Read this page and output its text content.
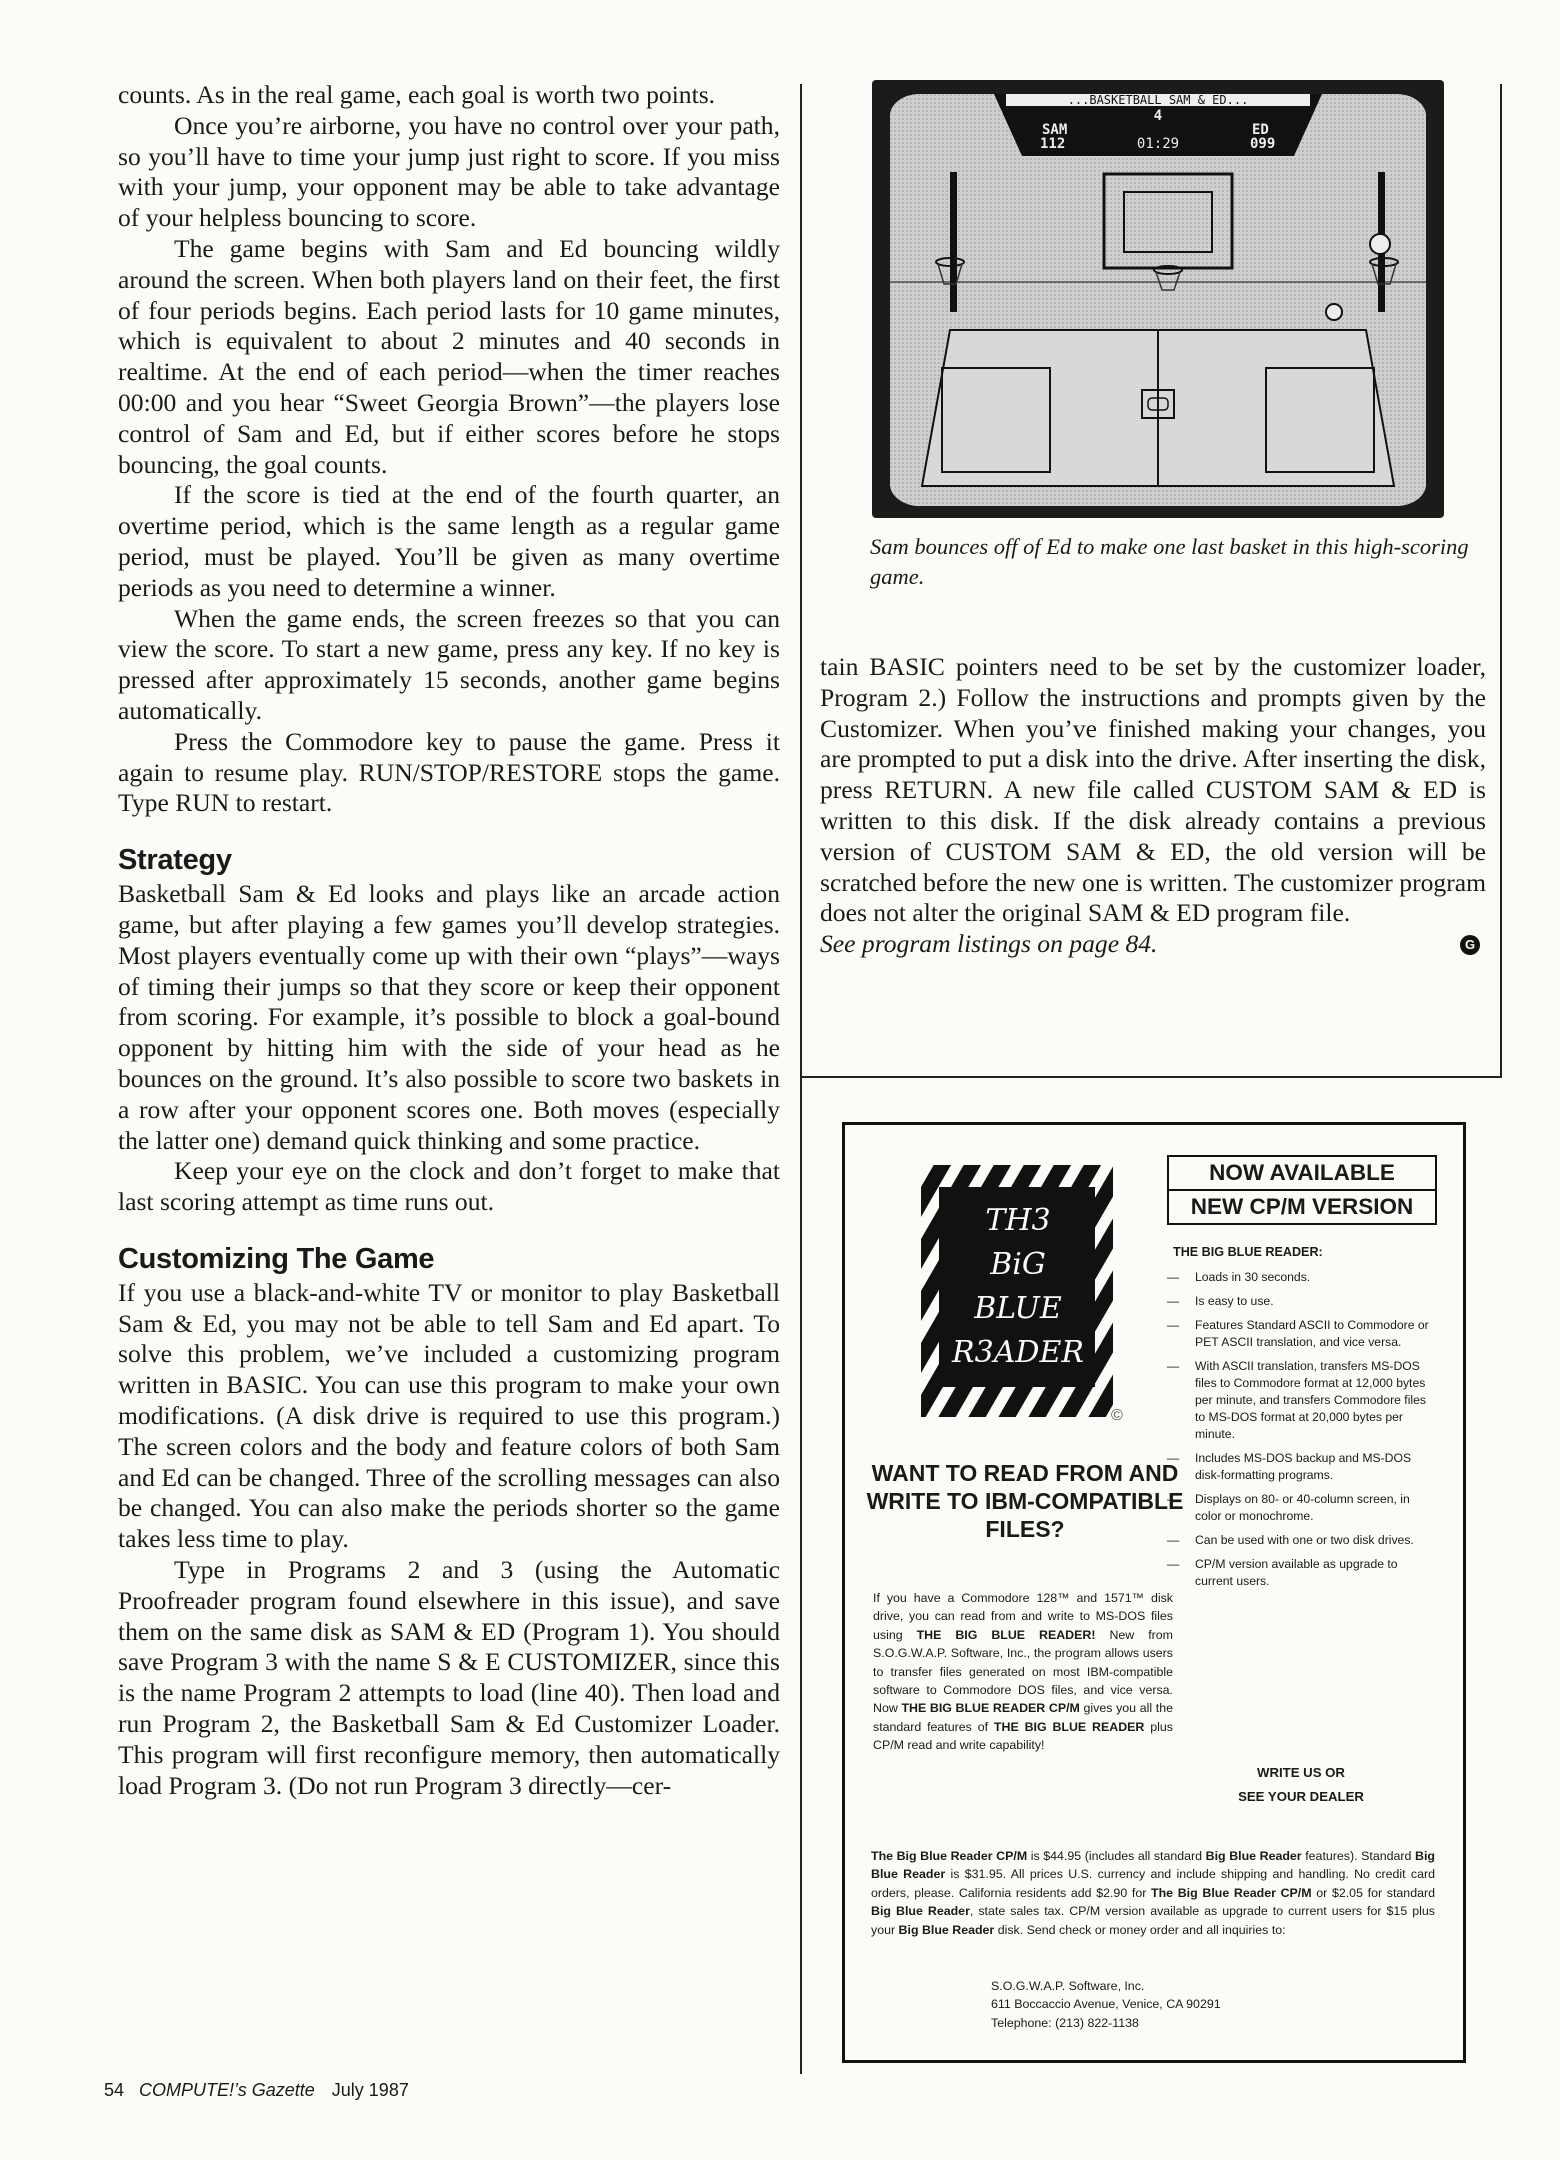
counts. As in the real game, each goal is worth two points.

Once you’re airborne, you have no control over your path, so you’ll have to time your jump just right to score. If you miss with your jump, your opponent may be able to take advantage of your helpless bouncing to score.

The game begins with Sam and Ed bouncing wildly around the screen. When both players land on their feet, the first of four periods begins. Each period lasts for 10 game minutes, which is equivalent to about 2 minutes and 40 seconds in realtime. At the end of each period—when the timer reaches 00:00 and you hear “Sweet Georgia Brown”—the players lose control of Sam and Ed, but if either scores before he stops bouncing, the goal counts.

If the score is tied at the end of the fourth quarter, an overtime period, which is the same length as a regular game period, must be played. You’ll be given as many overtime periods as you need to determine a winner.

When the game ends, the screen freezes so that you can view the score. To start a new game, press any key. If no key is pressed after approximately 15 seconds, another game begins automatically.

Press the Commodore key to pause the game. Press it again to resume play. RUN/STOP/RESTORE stops the game. Type RUN to restart.

Strategy

Basketball Sam & Ed looks and plays like an arcade action game, but after playing a few games you’ll develop strategies. Most players eventually come up with their own “plays”—ways of timing their jumps so that they score or keep their opponent from scoring. For example, it’s possible to block a goal-bound opponent by hitting him with the side of your head as he bounces on the ground. It’s also possible to score two baskets in a row after your opponent scores one. Both moves (especially the latter one) demand quick thinking and some practice.

Keep your eye on the clock and don’t forget to make that last scoring attempt as time runs out.

Customizing The Game

If you use a black-and-white TV or monitor to play Basketball Sam & Ed, you may not be able to tell Sam and Ed apart. To solve this problem, we’ve included a customizing program written in BASIC. You can use this program to make your own modifications. (A disk drive is required to use this program.) The screen colors and the body and feature colors of both Sam and Ed can be changed. Three of the scrolling messages can also be changed. You can also make the periods shorter so the game takes less time to play.

Type in Programs 2 and 3 (using the Automatic Proofreader program found elsewhere in this issue), and save them on the same disk as SAM & ED (Program 1). You should save Program 3 with the name S & E CUSTOMIZER, since this is the name Program 2 attempts to load (line 40). Then load and run Program 2, the Basketball Sam & Ed Customizer Loader. This program will first reconfigure memory, then automatically load Program 3. (Do not run Program 3 directly—cer-

...BASKETBALL SAM & ED...
4
SAM
112	01:29
ED
099
Sam bounces off of Ed to make one last basket in this high-scoring game.

tain BASIC pointers need to be set by the customizer loader, Program 2.) Follow the instructions and prompts given by the Customizer. When you’ve finished making your changes, you are prompted to put a disk into the drive. After inserting the disk, press RETURN. A new file called CUSTOM SAM & ED is written to this disk. If the disk already contains a previous version of CUSTOM SAM & ED, the old version will be scratched before the new one is written. The customizer program does not alter the original SAM & ED program file.

See program listings on page 84.	G

TH3
BiG
BLUE
R3ADER
©
WANT TO READ FROM AND WRITE TO IBM-COMPATIBLE FILES?
If you have a Commodore 128™ and 1571™ disk drive, you can read from and write to MS-DOS files using THE BIG BLUE READER! New from S.O.G.W.A.P. Software, Inc., the program allows users to transfer files generated on most IBM-compatible software to Commodore DOS files, and vice versa. Now THE BIG BLUE READER CP/M gives you all the standard features of THE BIG BLUE READER plus CP/M read and write capability!
NOW AVAILABLE
NEW CP/M VERSION
THE BIG BLUE READER:
— Loads in 30 seconds.
— Is easy to use.
— Features Standard ASCII to Commodore or PET ASCII translation, and vice versa.
— With ASCII translation, transfers MS-DOS files to Commodore format at 12,000 bytes per minute, and transfers Commodore files to MS-DOS format at 20,000 bytes per minute.
— Includes MS-DOS backup and MS-DOS disk-formatting programs.
— Displays on 80- or 40-column screen, in color or monochrome.
— Can be used with one or two disk drives.
— CP/M version available as upgrade to current users.
WRITE US OR
SEE YOUR DEALER
The Big Blue Reader CP/M is $44.95 (includes all standard Big Blue Reader features). Standard Big Blue Reader is $31.95. All prices U.S. currency and include shipping and handling. No credit card orders, please. California residents add $2.90 for The Big Blue Reader CP/M or $2.05 for standard Big Blue Reader, state sales tax. CP/M version available as upgrade to current users for $15 plus your Big Blue Reader disk. Send check or money order and all inquiries to:
S.O.G.W.A.P. Software, Inc.
611 Boccaccio Avenue, Venice, CA 90291
Telephone: (213) 822-1138
54 COMPUTE!’s Gazette July 1987
